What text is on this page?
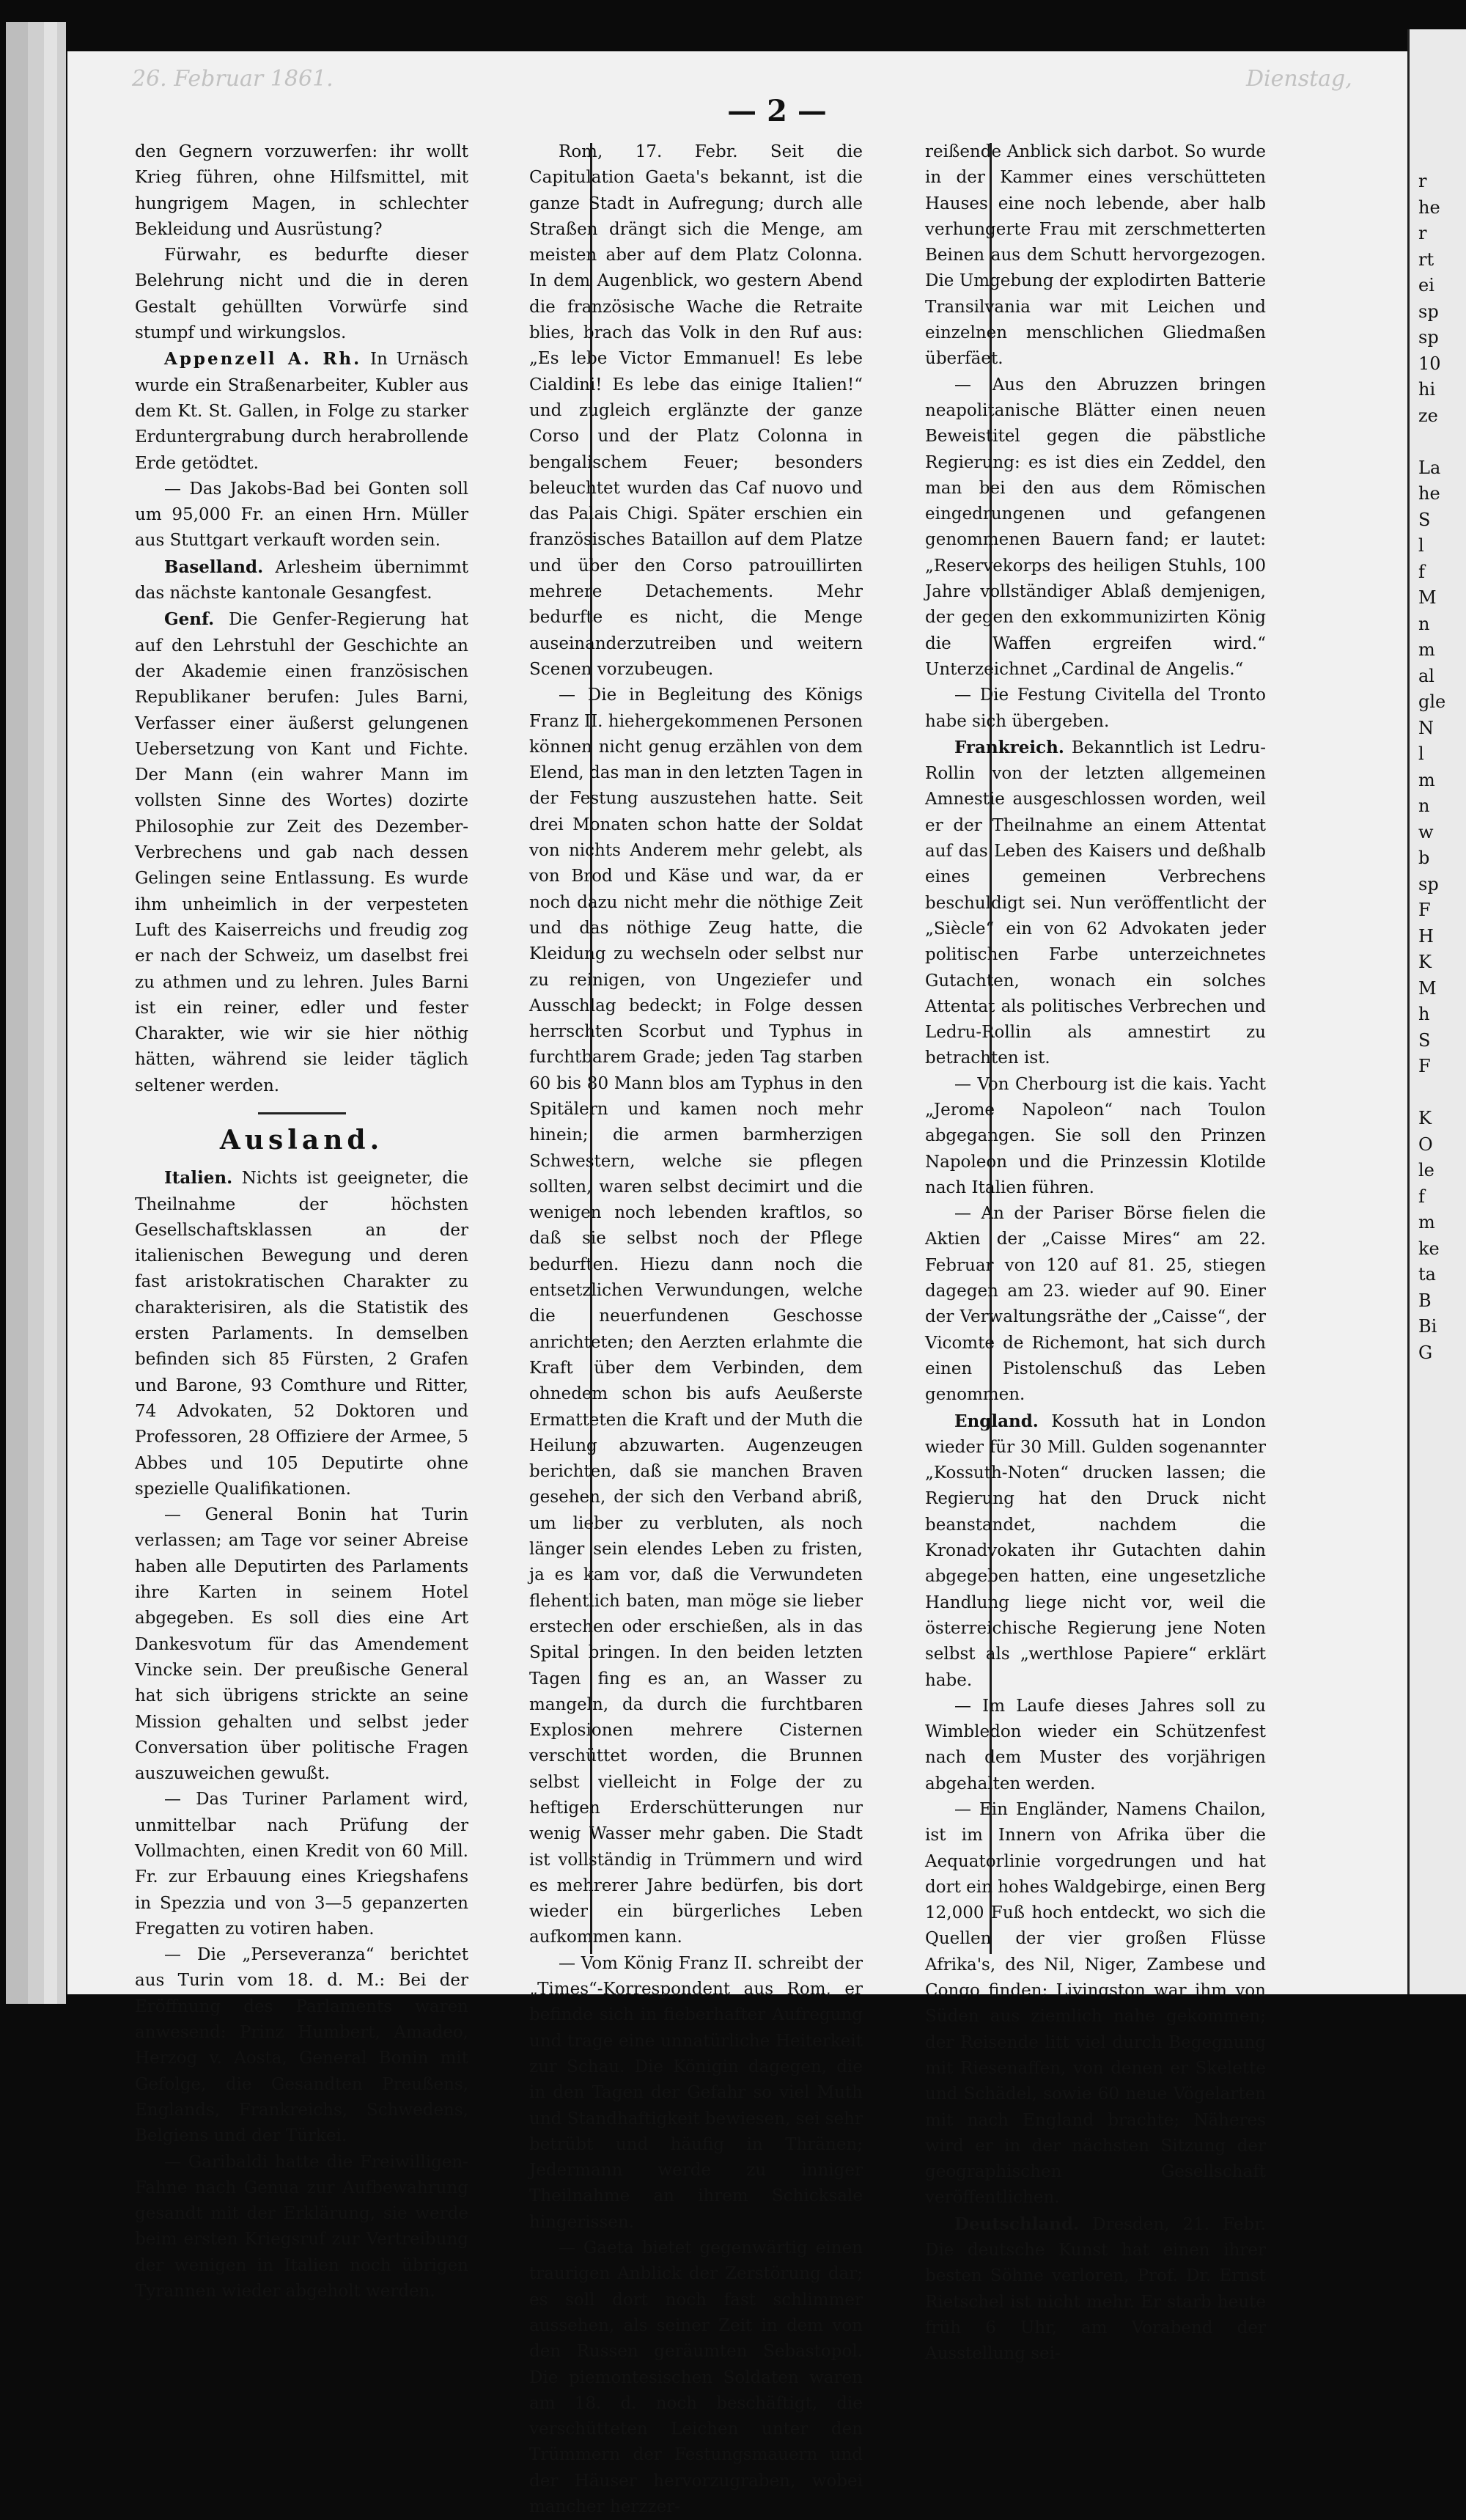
r
he
r
rt
ei
sp
sp
10
hi
ze

La
he
S
l
f
M
n
m
al
gle
N
l
m
n
w
b
sp
F
H
K
M
h
S
F

K
O
le
f
m
ke
ta
B
Bi
G
26. Februar 1861.	Dienstag,
— 2 —

den Gegnern vorzuwerfen: ihr wollt Krieg führen, ohne Hilfsmittel, mit hungrigem Magen, in schlechter Bekleidung und Ausrüstung?

Fürwahr, es bedurfte dieser Belehrung nicht und die in deren Gestalt gehüllten Vorwürfe sind stumpf und wirkungslos.

Appenzell A. Rh. In Urnäsch wurde ein Straßenarbeiter, Kubler aus dem Kt. St. Gallen, in Folge zu starker Erduntergrabung durch herabrollende Erde getödtet.

— Das Jakobs-Bad bei Gonten soll um 95,000 Fr. an einen Hrn. Müller aus Stuttgart verkauft worden sein.

Baselland. Arlesheim übernimmt das nächste kantonale Gesangfest.

Genf. Die Genfer-Regierung hat auf den Lehrstuhl der Geschichte an der Akademie einen französischen Republikaner berufen: Jules Barni, Verfasser einer äußerst gelungenen Uebersetzung von Kant und Fichte. Der Mann (ein wahrer Mann im vollsten Sinne des Wortes) dozirte Philosophie zur Zeit des Dezember-Verbrechens und gab nach dessen Gelingen seine Entlassung. Es wurde ihm unheimlich in der verpesteten Luft des Kaiserreichs und freudig zog er nach der Schweiz, um daselbst frei zu athmen und zu lehren. Jules Barni ist ein reiner, edler und fester Charakter, wie wir sie hier nöthig hätten, während sie leider täglich seltener werden.

Ausland.

Italien. Nichts ist geeigneter, die Theilnahme der höchsten Gesellschaftsklassen an der italienischen Bewegung und deren fast aristokratischen Charakter zu charakterisiren, als die Statistik des ersten Parlaments. In demselben befinden sich 85 Fürsten, 2 Grafen und Barone, 93 Comthure und Ritter, 74 Advokaten, 52 Doktoren und Professoren, 28 Offiziere der Armee, 5 Abbes und 105 Deputirte ohne spezielle Qualifikationen.

— General Bonin hat Turin verlassen; am Tage vor seiner Abreise haben alle Deputirten des Parlaments ihre Karten in seinem Hotel abgegeben. Es soll dies eine Art Dankesvotum für das Amendement Vincke sein. Der preußische General hat sich übrigens strickte an seine Mission gehalten und selbst jeder Conversation über politische Fragen auszuweichen gewußt.

— Das Turiner Parlament wird, unmittelbar nach Prüfung der Vollmachten, einen Kredit von 60 Mill. Fr. zur Erbauung eines Kriegshafens in Spezzia und von 3—5 gepanzerten Fregatten zu votiren haben.

— Die „Perseveranza“ berichtet aus Turin vom 18. d. M.: Bei der Eröffnung des Parlaments waren anwesend: Prinz Humbert, Amadeo, Herzog v. Aosta, General Bonin mit Gefolge, die Gesandten Preußens, Englands, Frankreichs, Schwedens, Belgiens und der Türkei.

— Garibaldi hatte die Freiwilligen-Fahne nach Genua zur Aufbewahrung gesandt mit der Erklärung, sie werde beim ersten Kriegsruf zur Vertreibung der wenigen in Italien noch übrigen Tyrannen wieder abgeholt werden.

Rom, 17. Febr. Seit die Capitulation Gaeta's bekannt, ist die ganze Stadt in Aufregung; durch alle Straßen drängt sich die Menge, am meisten aber auf dem Platz Colonna. In dem Augenblick, wo gestern Abend die französische Wache die Retraite blies, brach das Volk in den Ruf aus: „Es lebe Victor Emmanuel! Es lebe Cialdini! Es lebe das einige Italien!“ und zugleich erglänzte der ganze Corso und der Platz Colonna in bengalischem Feuer; besonders beleuchtet wurden das Caf nuovo und das Palais Chigi. Später erschien ein französisches Bataillon auf dem Platze und über den Corso patrouillirten mehrere Detachements. Mehr bedurfte es nicht, die Menge auseinanderzutreiben und weitern Scenen vorzubeugen.

— Die in Begleitung des Königs Franz II. hiehergekommenen Personen können nicht genug erzählen von dem Elend, das man in den letzten Tagen in der Festung auszustehen hatte. Seit drei Monaten schon hatte der Soldat von nichts Anderem mehr gelebt, als von Brod und Käse und war, da er noch dazu nicht mehr die nöthige Zeit und das nöthige Zeug hatte, die Kleidung zu wechseln oder selbst nur zu reinigen, von Ungeziefer und Ausschlag bedeckt; in Folge dessen herrschten Scorbut und Typhus in furchtbarem Grade; jeden Tag starben 60 bis 80 Mann blos am Typhus in den Spitälern und kamen noch mehr hinein; die armen barmherzigen Schwestern, welche sie pflegen sollten, waren selbst decimirt und die wenigen noch lebenden kraftlos, so daß sie selbst noch der Pflege bedurften. Hiezu dann noch die entsetzlichen Verwundungen, welche die neuerfundenen Geschosse anrichteten; den Aerzten erlahmte die Kraft über dem Verbinden, dem ohnedem schon bis aufs Aeußerste Ermatteten die Kraft und der Muth die Heilung abzuwarten. Augenzeugen berichten, daß sie manchen Braven gesehen, der sich den Verband abriß, um lieber zu verbluten, als noch länger sein elendes Leben zu fristen, ja es kam vor, daß die Verwundeten flehentlich baten, man möge sie lieber erstechen oder erschießen, als in das Spital bringen. In den beiden letzten Tagen fing es an, an Wasser zu mangeln, da durch die furchtbaren Explosionen mehrere Cisternen verschüttet worden, die Brunnen selbst vielleicht in Folge der zu heftigen Erderschütterungen nur wenig Wasser mehr gaben. Die Stadt ist vollständig in Trümmern und wird es mehrerer Jahre bedürfen, bis dort wieder ein bürgerliches Leben aufkommen kann.

— Vom König Franz II. schreibt der „Times“-Korrespondent aus Rom, er befinde sich in fieberhafter Aufregung und trage eine unnatürliche Heiterkeit zur Schau. Die Königin dagegen, die in den Tagen der Gefahr so viel Muth und Standhaftigkeit bewiesen, sei sehr betrübt und häufig in Thränen; Jedermann werde zu inniger Theilnahme an ihrem Schicksale hingerissen.

— Gaeta bietet gegenwärtig einen traurigen Anblick der Zerstörung dar; es soll dort noch fast schlimmer aussehen, als seiner Zeit in dem von den Russen geräumten Sebastopol. Die piemontesischen Soldaten waren am 18. d. noch beschäftigt, die verschütteten Leichen unter den Trümmern der Festungsmauern und der Häuser hervorzugraben, wobei mancher herzzer-

reißende Anblick sich darbot. So wurde in der Kammer eines verschütteten Hauses eine noch lebende, aber halb verhungerte Frau mit zerschmetterten Beinen aus dem Schutt hervorgezogen. Die Umgebung der explodirten Batterie Transilvania war mit Leichen und einzelnen menschlichen Gliedmaßen überfäet.

— Aus den Abruzzen bringen neapolitanische Blätter einen neuen Beweistitel gegen die päbstliche Regierung: es ist dies ein Zeddel, den man bei den aus dem Römischen eingedrungenen und gefangenen genommenen Bauern fand; er lautet: „Reservekorps des heiligen Stuhls, 100 Jahre vollständiger Ablaß demjenigen, der gegen den exkommunizirten König die Waffen ergreifen wird.“ Unterzeichnet „Cardinal de Angelis.“

— Die Festung Civitella del Tronto habe sich übergeben.

Frankreich. Bekanntlich ist Ledru-Rollin von der letzten allgemeinen Amnestie ausgeschlossen worden, weil er der Theilnahme an einem Attentat auf das Leben des Kaisers und deßhalb eines gemeinen Verbrechens beschuldigt sei. Nun veröffentlicht der „Siècle“ ein von 62 Advokaten jeder politischen Farbe unterzeichnetes Gutachten, wonach ein solches Attentat als politisches Verbrechen und Ledru-Rollin als amnestirt zu betrachten ist.

— Von Cherbourg ist die kais. Yacht „Jerome Napoleon“ nach Toulon abgegangen. Sie soll den Prinzen Napoleon und die Prinzessin Klotilde nach Italien führen.

— An der Pariser Börse fielen die Aktien der „Caisse Mires“ am 22. Februar von 120 auf 81. 25, stiegen dagegen am 23. wieder auf 90. Einer der Verwaltungsräthe der „Caisse“, der Vicomte de Richemont, hat sich durch einen Pistolenschuß das Leben genommen.

England. Kossuth hat in London wieder für 30 Mill. Gulden sogenannter „Kossuth-Noten“ drucken lassen; die Regierung hat den Druck nicht beanstandet, nachdem die Kronadvokaten ihr Gutachten dahin abgegeben hatten, eine ungesetzliche Handlung liege nicht vor, weil die österreichische Regierung jene Noten selbst als „werthlose Papiere“ erklärt habe.

— Im Laufe dieses Jahres soll zu Wimbledon wieder ein Schützenfest nach dem Muster des vorjährigen abgehalten werden.

— Ein Engländer, Namens Chailon, ist im Innern von Afrika über die Aequatorlinie vorgedrungen und hat dort ein hohes Waldgebirge, einen Berg 12,000 Fuß hoch entdeckt, wo sich die Quellen der vier großen Flüsse Afrika's, des Nil, Niger, Zambese und Congo finden; Livingston war ihm von Süden aus ziemlich nahe gekommen; der Reisende litt viel durch Begegnung mit Riesenaffen, von denen er Skelette und Schädel, sowie 60 neue Vögelarten mit nach England brachte; Näheres wird er in der nächsten Sitzung der geographischen Gesellschaft veröffentlichen.

Deutschland. Dresden, 21. Febr. Die deutsche Kunst hat einen ihrer besten Söhne verloren, Prof. Dr. Ernst Rietschel ist nicht mehr. Er starb heute früh 6 Uhr, am Vorabend der Ausstellung sei-
